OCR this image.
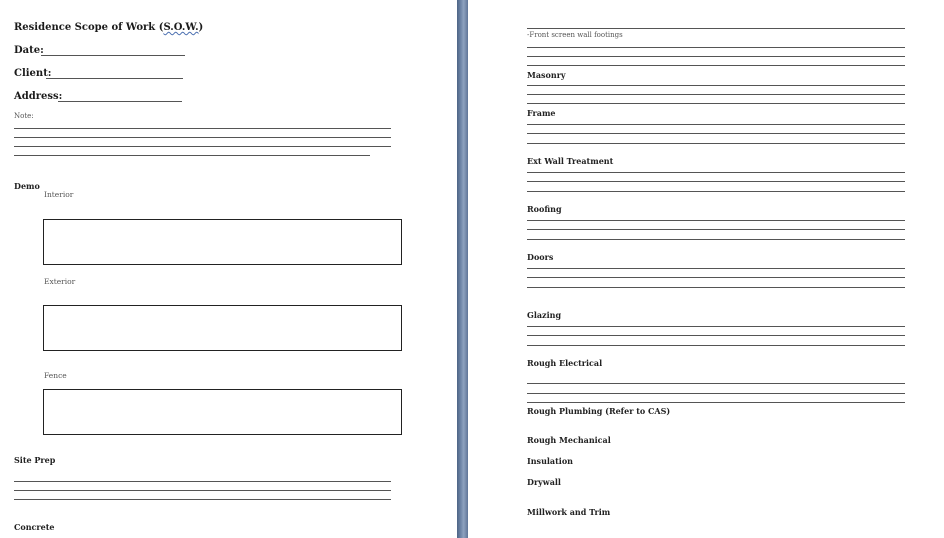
Residence Scope of Work (S.O.W.)
Date:
Client:
Address:
Note:
Demo
Interior
Exterior
Fence
Site Prep
Concrete
-Front screen wall footings
Masonry
Frame
Ext Wall Treatment
Roofing
Doors
Glazing
Rough Electrical
Rough Plumbing (Refer to CAS)
Rough Mechanical
Insulation
Drywall
Millwork and Trim
